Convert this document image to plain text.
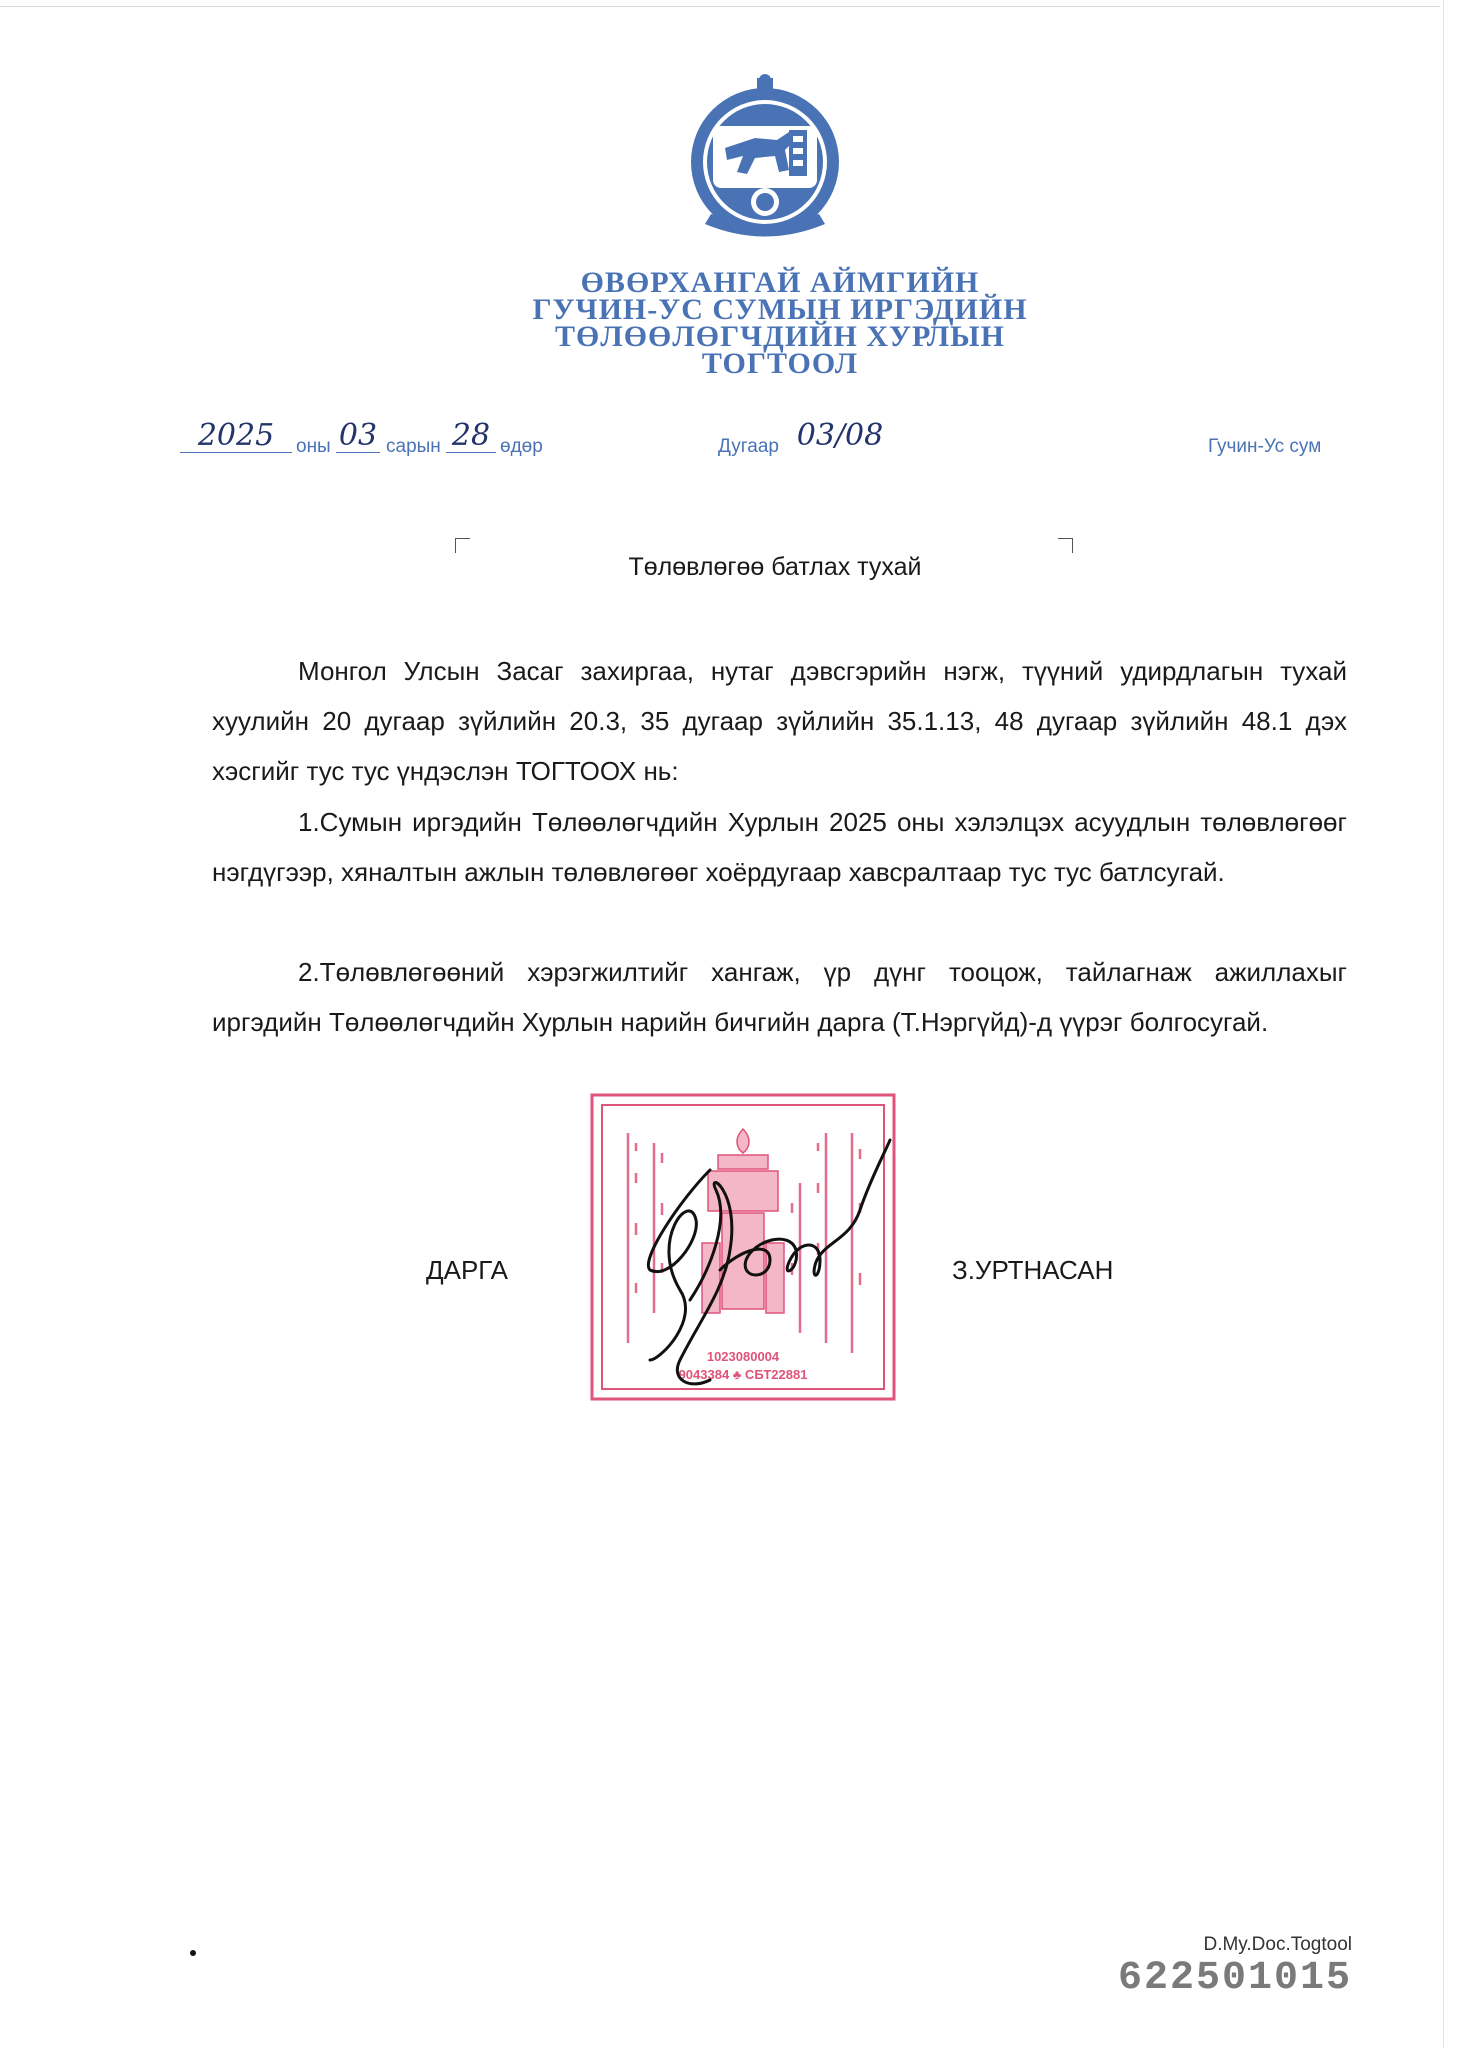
ӨВӨРХАНГАЙ АЙМГИЙН
ГУЧИН-УС СУМЫН ИРГЭДИЙН
ТӨЛӨӨЛӨГЧДИЙН ХУРЛЫН
ТОГТООЛ
2025	оны 03 сарын 28 өдөр	Дугаар 03/08	Гучин-Ус сум
Төлөвлөгөө батлах тухай

Монгол Улсын Засаг захиргаа, нутаг дэвсгэрийн нэгж, түүний удирдлагын тухай хуулийн 20 дугаар зүйлийн 20.3, 35 дугаар зүйлийн 35.1.13, 48 дугаар зүйлийн 48.1 дэх хэсгийг тус тус үндэслэн ТОГТООХ нь:

1.Сумын иргэдийн Төлөөлөгчдийн Хурлын 2025 оны хэлэлцэх асуудлын төлөвлөгөөг нэгдүгээр, хяналтын ажлын төлөвлөгөөг хоёрдугаар хавсралтаар тус тус батлсугай.

2.Төлөвлөгөөний хэрэгжилтийг хангаж, үр дүнг тооцож, тайлагнаж ажиллахыг иргэдийн Төлөөлөгчдийн Хурлын нарийн бичгийн дарга (Т.Нэргүйд)-д үүрэг болгосугай.

ДАРГА	З.УРТНАСАН
1023080004
9043384 ♣ СБТ22881
D.My.Doc.Togtool
622501015
